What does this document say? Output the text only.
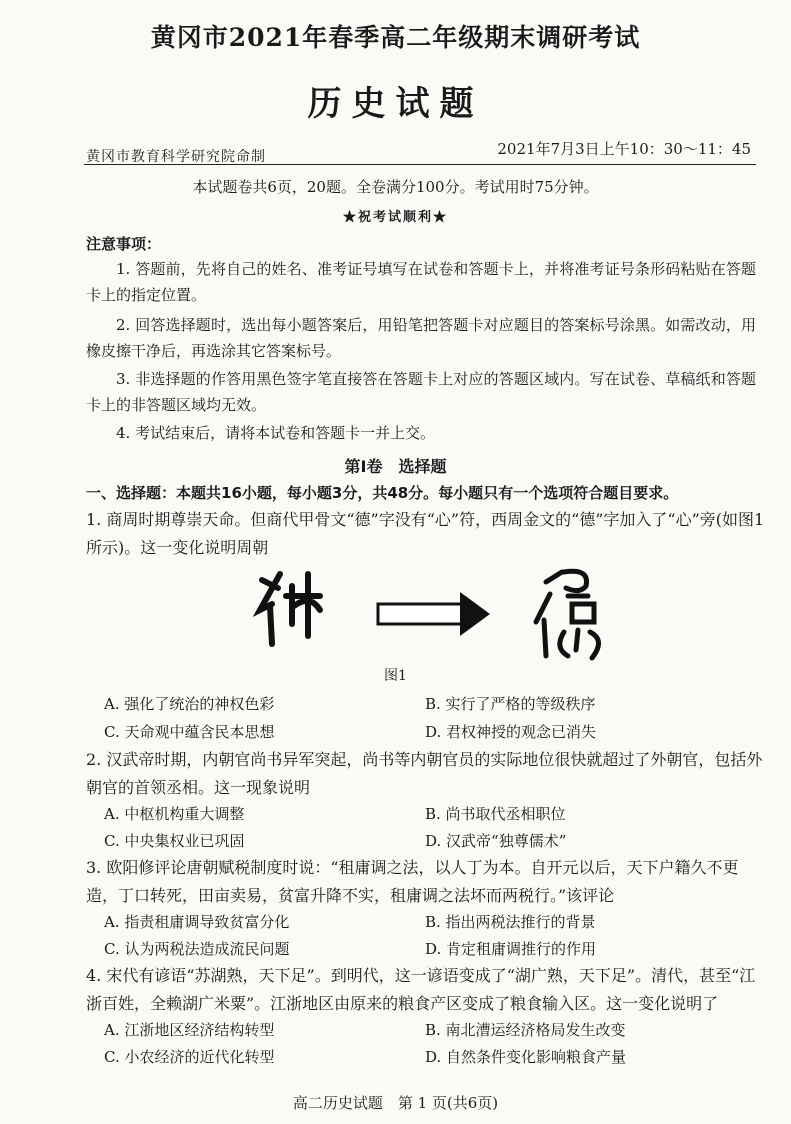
黄冈市2021年春季高二年级期末调研考试
历史试题
黄冈市教育科学研究院命制	2021年7月3日上午10：30～11：45
本试题卷共6页，20题。全卷满分100分。考试用时75分钟。
★祝考试顺利★
注意事项：
1. 答题前，先将自己的姓名、准考证号填写在试卷和答题卡上，并将准考证号条形码粘贴在答题卡上的指定位置。
2. 回答选择题时，选出每小题答案后，用铅笔把答题卡对应题目的答案标号涂黑。如需改动，用橡皮擦干净后，再选涂其它答案标号。
3. 非选择题的作答用黑色签字笔直接答在答题卡上对应的答题区域内。写在试卷、草稿纸和答题卡上的非答题区域均无效。
4. 考试结束后，请将本试卷和答题卡一并上交。
第Ⅰ卷　选择题
一、选择题：本题共16小题，每小题3分，共48分。每小题只有一个选项符合题目要求。
1. 商周时期尊崇天命。但商代甲骨文“德”字没有“心”符，西周金文的“德”字加入了“心”旁(如图1所示)。这一变化说明周朝
图1
A. 强化了统治的神权色彩	B. 实行了严格的等级秩序
C. 天命观中蕴含民本思想	D. 君权神授的观念已消失
2. 汉武帝时期，内朝官尚书异军突起，尚书等内朝官员的实际地位很快就超过了外朝官，包括外朝官的首领丞相。这一现象说明
A. 中枢机构重大调整	B. 尚书取代丞相职位
C. 中央集权业已巩固	D. 汉武帝“独尊儒术”
3. 欧阳修评论唐朝赋税制度时说：“租庸调之法，以人丁为本。自开元以后，天下户籍久不更造，丁口转死，田亩卖易，贫富升降不实，租庸调之法坏而两税行。”该评论
A. 指责租庸调导致贫富分化	B. 指出两税法推行的背景
C. 认为两税法造成流民问题	D. 肯定租庸调推行的作用
4. 宋代有谚语“苏湖熟，天下足”。到明代，这一谚语变成了“湖广熟，天下足”。清代，甚至“江浙百姓，全赖湖广米粟”。江浙地区由原来的粮食产区变成了粮食输入区。这一变化说明了
A. 江浙地区经济结构转型	B. 南北漕运经济格局发生改变
C. 小农经济的近代化转型	D. 自然条件变化影响粮食产量
高二历史试题　第 1 页(共6页)
